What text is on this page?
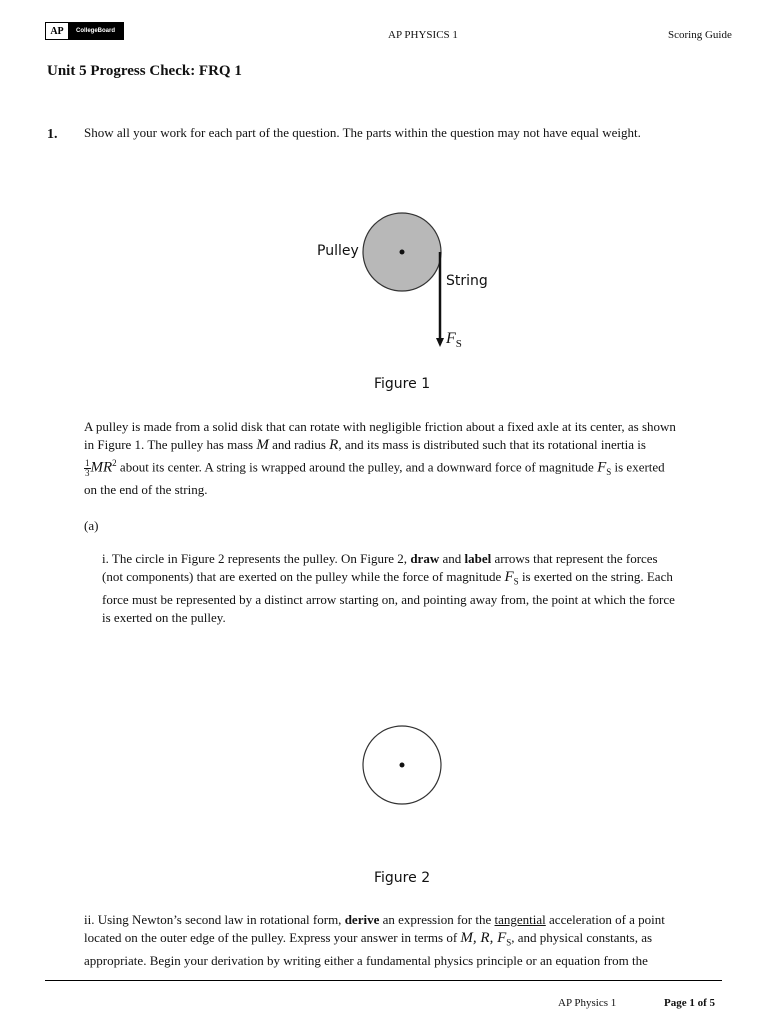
AP	CollegeBoard	AP PHYSICS 1	Scoring Guide
Unit 5 Progress Check: FRQ 1
1. Show all your work for each part of the question. The parts within the question may not have equal weight.
Pulley
String
$F_S$
Figure 1
A pulley is made from a solid disk that can rotate with negligible friction about a fixed axle at its center, as shown
in Figure 1. The pulley has mass M and radius R, and its mass is distributed such that its rotational inertia is
$\frac{1}{3} MR^2$ about its center. A string is wrapped around the pulley, and a downward force of magnitude $F_S$ is exerted
on the end of the string.
(a)
i. The circle in Figure 2 represents the pulley. On Figure 2, draw and label arrows that represent the forces
(not components) that are exerted on the pulley while the force of magnitude $F_S$ is exerted on the string. Each
force must be represented by a distinct arrow starting on, and pointing away from, the point at which the force
is exerted on the pulley.
Figure 2
ii. Using Newton’s second law in rotational form, derive an expression for the tangential acceleration of a point
located on the outer edge of the pulley. Express your answer in terms of M, R, $F_S$, and physical constants, as
appropriate. Begin your derivation by writing either a fundamental physics principle or an equation from the
AP Physics 1	Page 1 of 5
